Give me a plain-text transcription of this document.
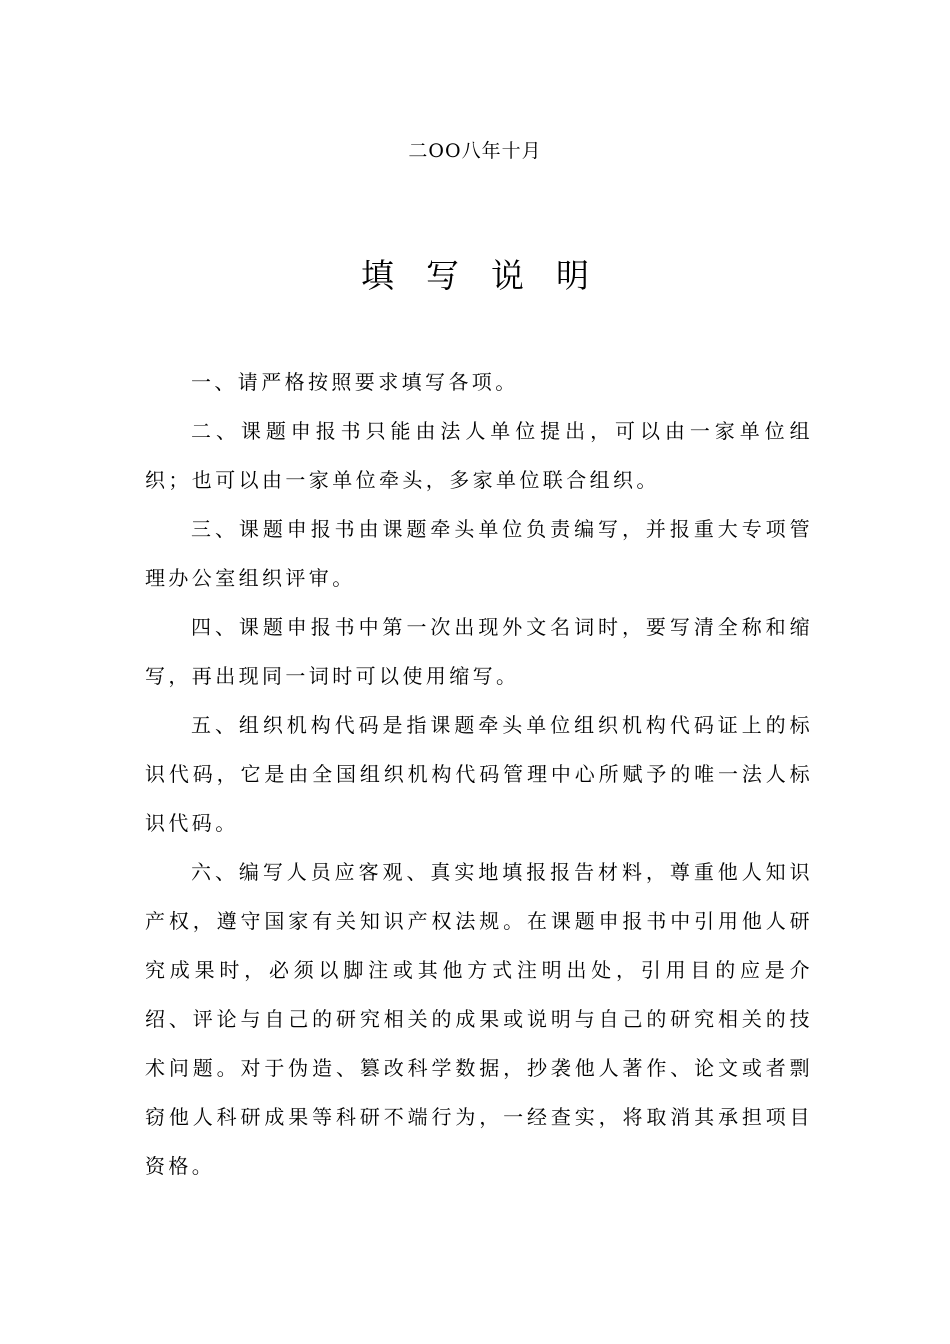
二OO八年十月
填写说明

一、请严格按照要求填写各项。

二、课题申报书只能由法人单位提出，可以由一家单位组织；也可以由一家单位牵头，多家单位联合组织。

三、课题申报书由课题牵头单位负责编写，并报重大专项管理办公室组织评审。

四、课题申报书中第一次出现外文名词时，要写清全称和缩写，再出现同一词时可以使用缩写。

五、组织机构代码是指课题牵头单位组织机构代码证上的标识代码，它是由全国组织机构代码管理中心所赋予的唯一法人标识代码。

六、编写人员应客观、真实地填报报告材料，尊重他人知识产权，遵守国家有关知识产权法规。在课题申报书中引用他人研究成果时，必须以脚注或其他方式注明出处，引用目的应是介绍、评论与自己的研究相关的成果或说明与自己的研究相关的技术问题。对于伪造、篡改科学数据，抄袭他人著作、论文或者剽窃他人科研成果等科研不端行为，一经查实，将取消其承担项目资格。
